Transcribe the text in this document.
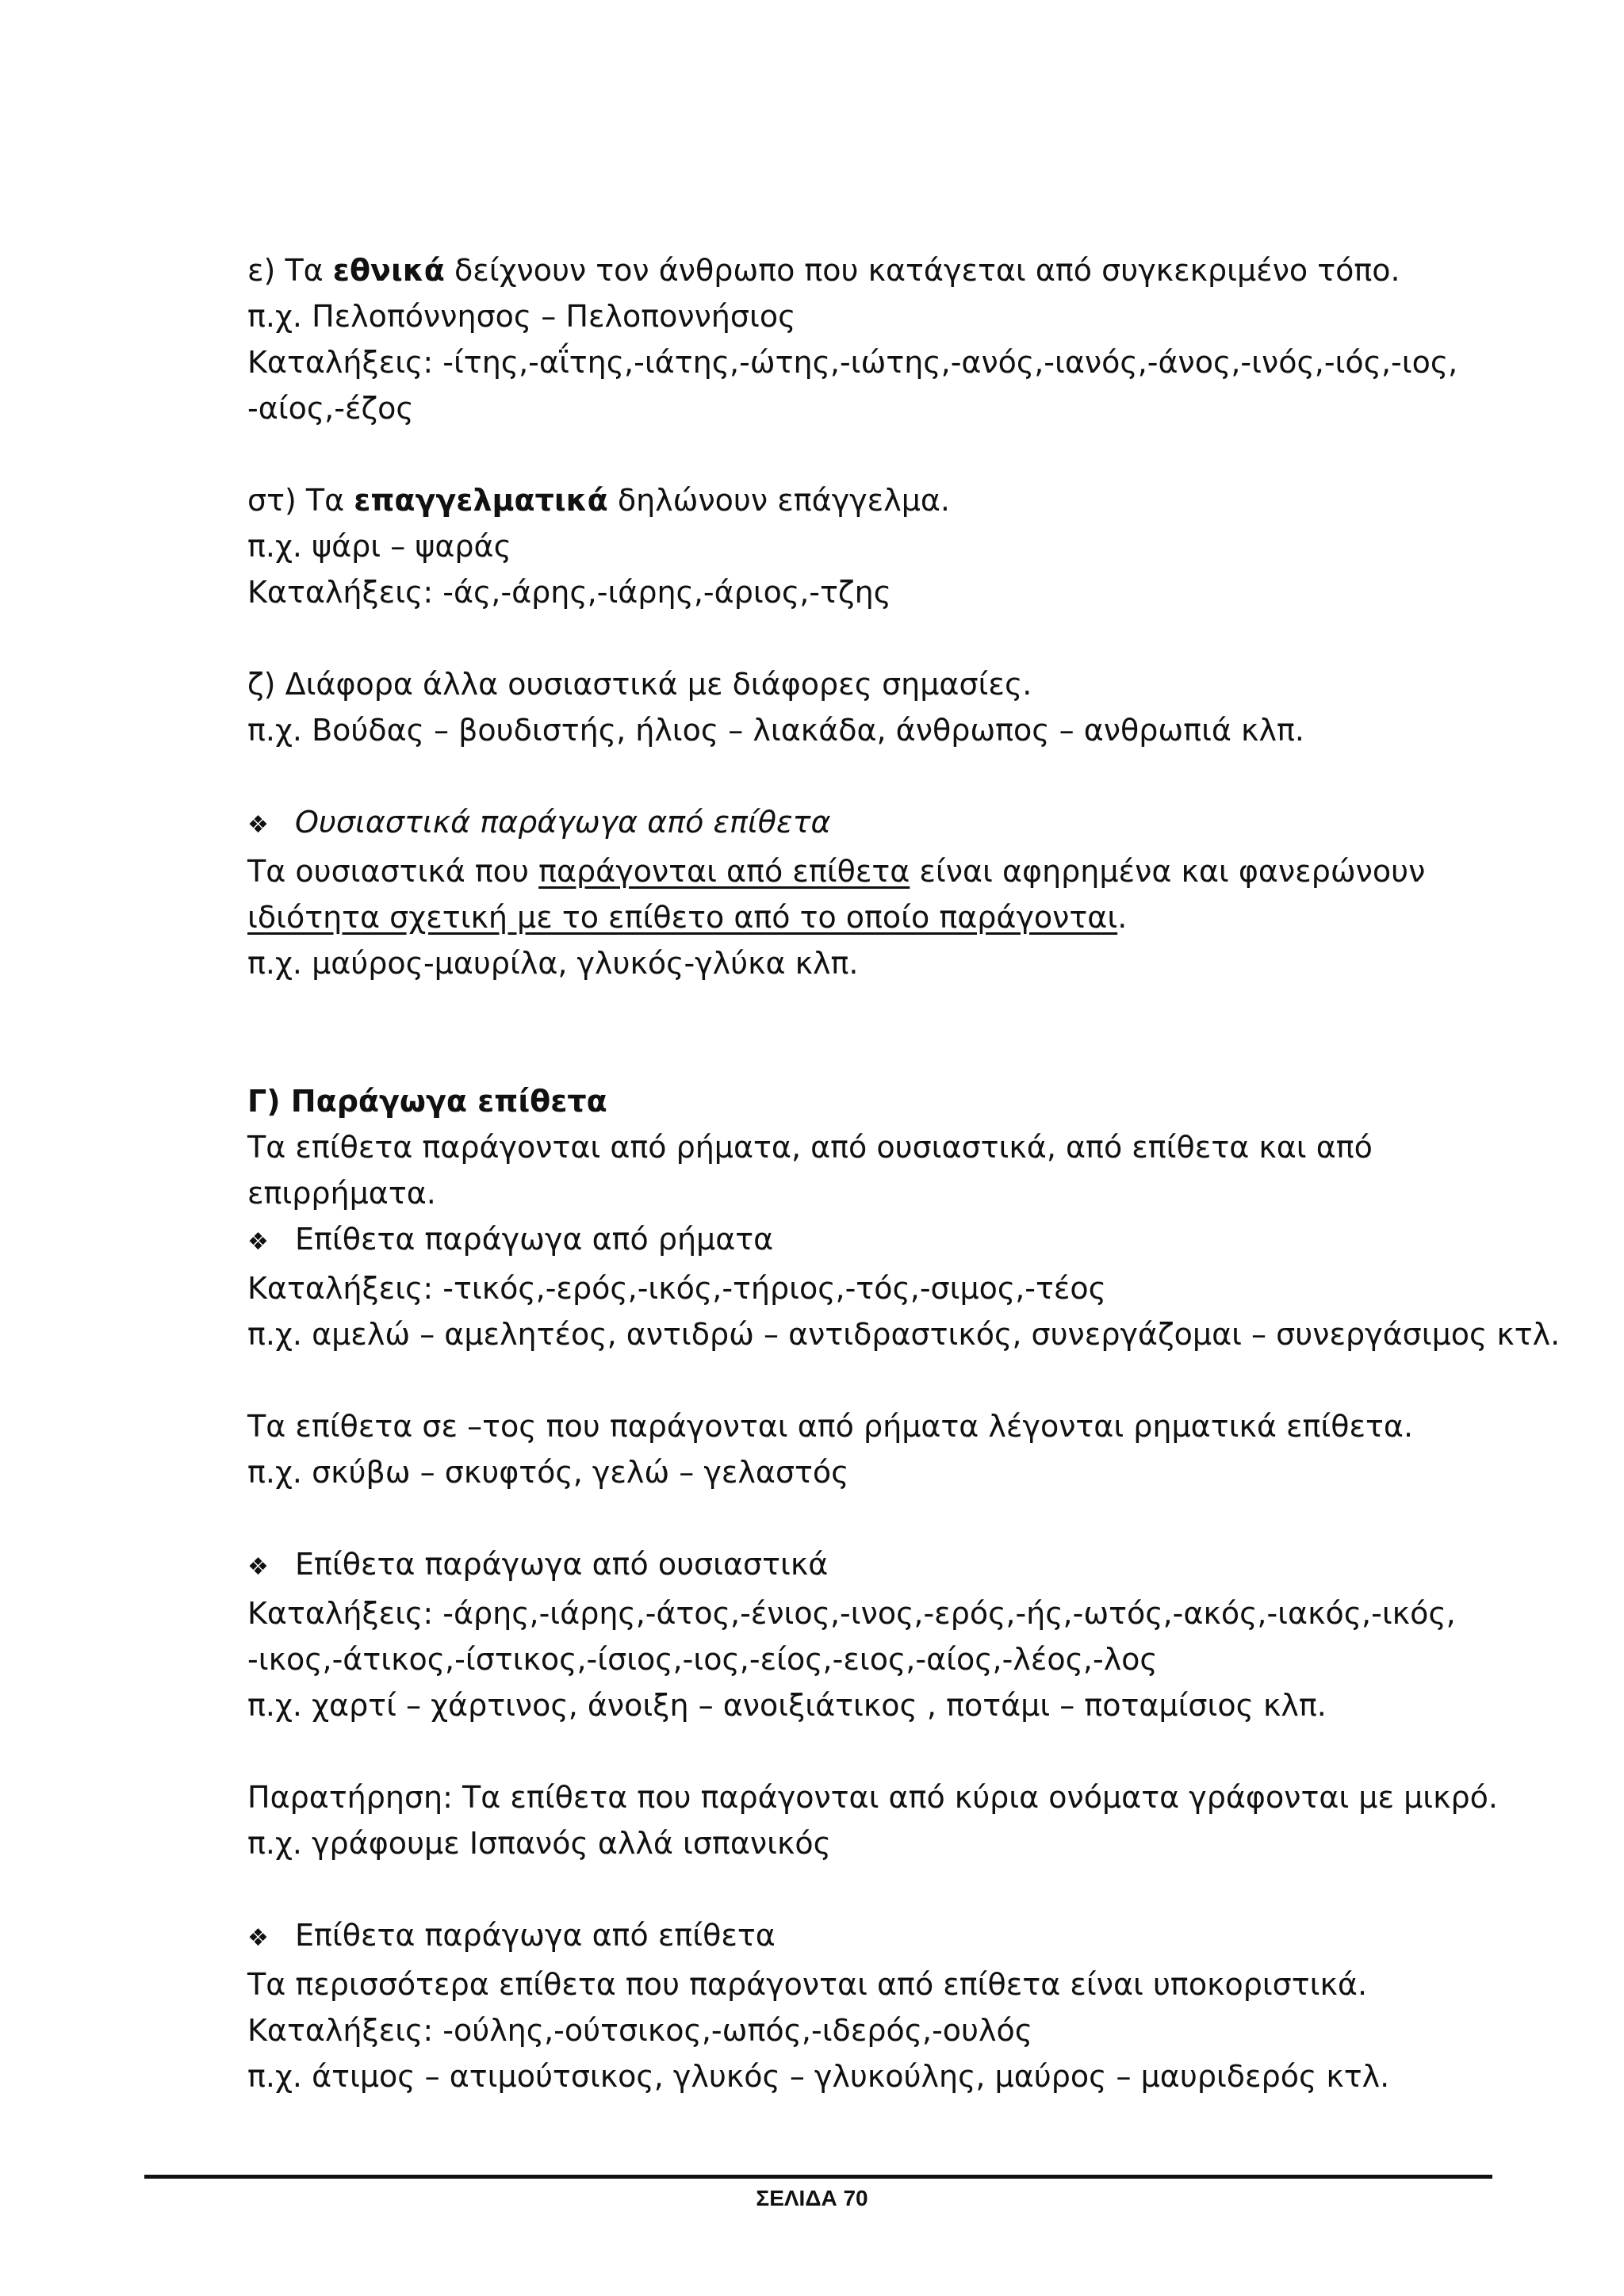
ε) Τα εθνικά δείχνουν τον άνθρωπο που κατάγεται από συγκεκριμένο τόπο.
π.χ. Πελοπόννησος – Πελοποννήσιος
Καταλήξεις: -ίτης,-αΐτης,-ιάτης,-ώτης,-ιώτης,-ανός,-ιανός,-άνος,-ινός,-ιός,-ιος,
-αίος,-έζος
στ) Τα επαγγελματικά δηλώνουν επάγγελμα.
π.χ. ψάρι – ψαράς
Καταλήξεις: -άς,-άρης,-ιάρης,-άριος,-τζης
ζ) Διάφορα άλλα ουσιαστικά με διάφορες σημασίες.
π.χ. Βούδας – βουδιστής, ήλιος – λιακάδα, άνθρωπος – ανθρωπιά κλπ.
❖ Ουσιαστικά παράγωγα από επίθετα
Τα ουσιαστικά που παράγονται από επίθετα είναι αφηρημένα και φανερώνουν
ιδιότητα σχετική με το επίθετο από το οποίο παράγονται.
π.χ. μαύρος-μαυρίλα, γλυκός-γλύκα κλπ.
Γ) Παράγωγα επίθετα
Τα επίθετα παράγονται από ρήματα, από ουσιαστικά, από επίθετα και από
επιρρήματα.
❖ Επίθετα παράγωγα από ρήματα
Καταλήξεις: -τικός,-ερός,-ικός,-τήριος,-τός,-σιμος,-τέος
π.χ. αμελώ – αμελητέος, αντιδρώ – αντιδραστικός, συνεργάζομαι – συνεργάσιμος κτλ.
Τα επίθετα σε –τος που παράγονται από ρήματα λέγονται ρηματικά επίθετα.
π.χ. σκύβω – σκυφτός, γελώ – γελαστός
❖ Επίθετα παράγωγα από ουσιαστικά
Καταλήξεις: -άρης,-ιάρης,-άτος,-ένιος,-ινος,-ερός,-ής,-ωτός,-ακός,-ιακός,-ικός,
-ικος,-άτικος,-ίστικος,-ίσιος,-ιος,-είος,-ειος,-αίος,-λέος,-λος
π.χ. χαρτί – χάρτινος, άνοιξη – ανοιξιάτικος , ποτάμι – ποταμίσιος κλπ.
Παρατήρηση: Τα επίθετα που παράγονται από κύρια ονόματα γράφονται με μικρό.
π.χ. γράφουμε Ισπανός αλλά ισπανικός
❖ Επίθετα παράγωγα από επίθετα
Τα περισσότερα επίθετα που παράγονται από επίθετα είναι υποκοριστικά.
Καταλήξεις: -ούλης,-ούτσικος,-ωπός,-ιδερός,-ουλός
π.χ. άτιμος – ατιμούτσικος, γλυκός – γλυκούλης, μαύρος – μαυριδερός κτλ.
ΣΕΛΙΔΑ 70
